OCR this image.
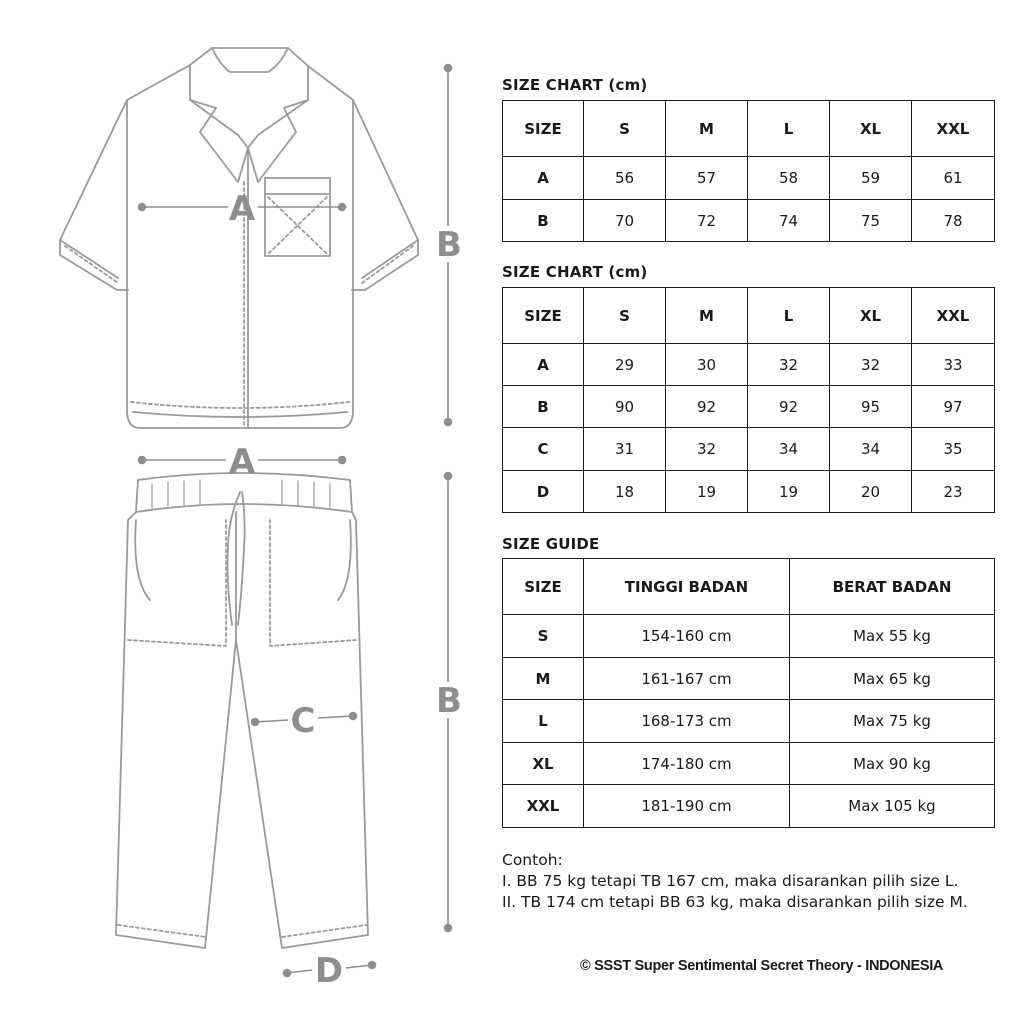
A
B
A
B
C
D
SIZE CHART (cm)
SIZE	S	M	L	XL	XXL
A	56	57	58	59	61
B	70	72	74	75	78
SIZE CHART (cm)
SIZE	S	M	L	XL	XXL
A	29	30	32	32	33
B	90	92	92	95	97
C	31	32	34	34	35
D	18	19	19	20	23
SIZE GUIDE
SIZE	TINGGI BADAN	BERAT BADAN
S	154-160 cm	Max 55 kg
M	161-167 cm	Max 65 kg
L	168-173 cm	Max 75 kg
XL	174-180 cm	Max 90 kg
XXL	181-190 cm	Max 105 kg
Contoh:
I. BB 75 kg tetapi TB 167 cm, maka disarankan pilih size L.
II. TB 174 cm tetapi BB 63 kg, maka disarankan pilih size M.
© SSST Super Sentimental Secret Theory - INDONESIA
